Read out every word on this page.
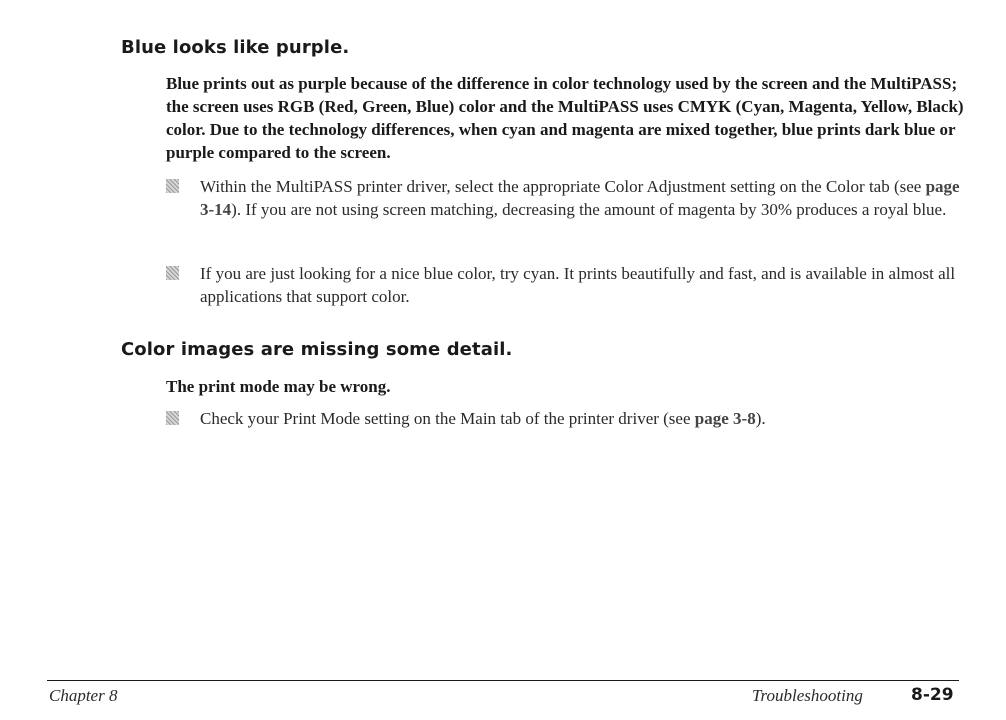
Blue looks like purple.

Blue prints out as purple because of the difference in color technology used by the screen and the MultiPASS; the screen uses RGB (Red, Green, Blue) color and the MultiPASS uses CMYK (Cyan, Magenta, Yellow, Black) color. Due to the technology differences, when cyan and magenta are mixed together, blue prints dark blue or purple compared to the screen.

Within the MultiPASS printer driver, select the appropriate Color Adjustment setting on the Color tab (see page 3-14). If you are not using screen matching, decreasing the amount of magenta by 30% produces a royal blue.
If you are just looking for a nice blue color, try cyan. It prints beautifully and fast, and is available in almost all applications that support color.
Color images are missing some detail.

The print mode may be wrong.

Check your Print Mode setting on the Main tab of the printer driver (see page 3-8).
Chapter 8	Troubleshooting	8-29
